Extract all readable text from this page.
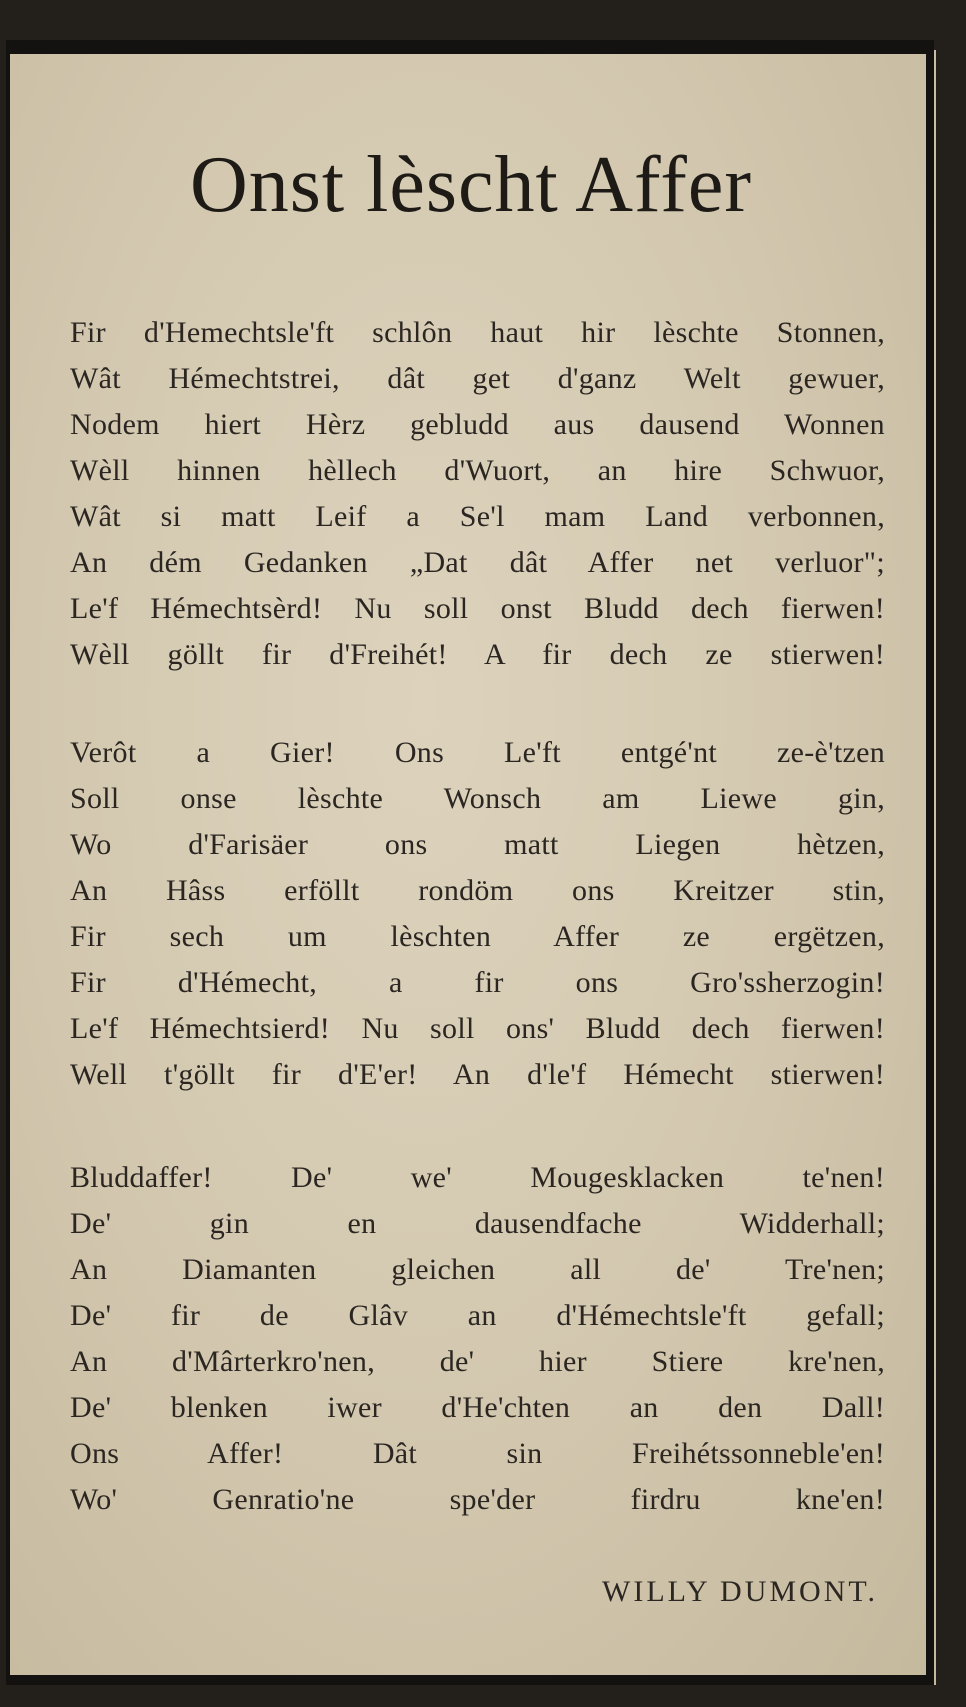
Onst lèscht Affer
Fir d'Hemechtsle'ft schlôn haut hir lèschte Stonnen,
Wât Hémechtstrei, dât get d'ganz Welt gewuer,
Nodem hiert Hèrz gebludd aus dausend Wonnen
Wèll hinnen hèllech d'Wuort, an hire Schwuor,
Wât si matt Leif a Se'l mam Land verbonnen,
An dém Gedanken „Dat dât Affer net verluor";
Le'f Hémechtsèrd! Nu soll onst Bludd dech fierwen!
Wèll göllt fir d'Freihét! A fir dech ze stierwen!
Verôt a Gier! Ons Le'ft entgé'nt ze-è'tzen
Soll onse lèschte Wonsch am Liewe gin,
Wo d'Farisäer ons matt Liegen hètzen,
An Hâss erföllt rondöm ons Kreitzer stin,
Fir sech um lèschten Affer ze ergëtzen,
Fir d'Hémecht, a fir ons Gro'ssherzogin!
Le'f Hémechtsierd! Nu soll ons' Bludd dech fierwen!
Well t'göllt fir d'E'er! An d'le'f Hémecht stierwen!
Bluddaffer! De' we' Mougesklacken te'nen!
De' gin en dausendfache Widderhall;
An Diamanten gleichen all de' Tre'nen;
De' fir de Glâv an d'Hémechtsle'ft gefall;
An d'Mârterkro'nen, de' hier Stiere kre'nen,
De' blenken iwer d'He'chten an den Dall!
Ons Affer! Dât sin Freihétssonneble'en!
Wo' Genratio'ne spe'der firdru kne'en!
WILLY DUMONT.
